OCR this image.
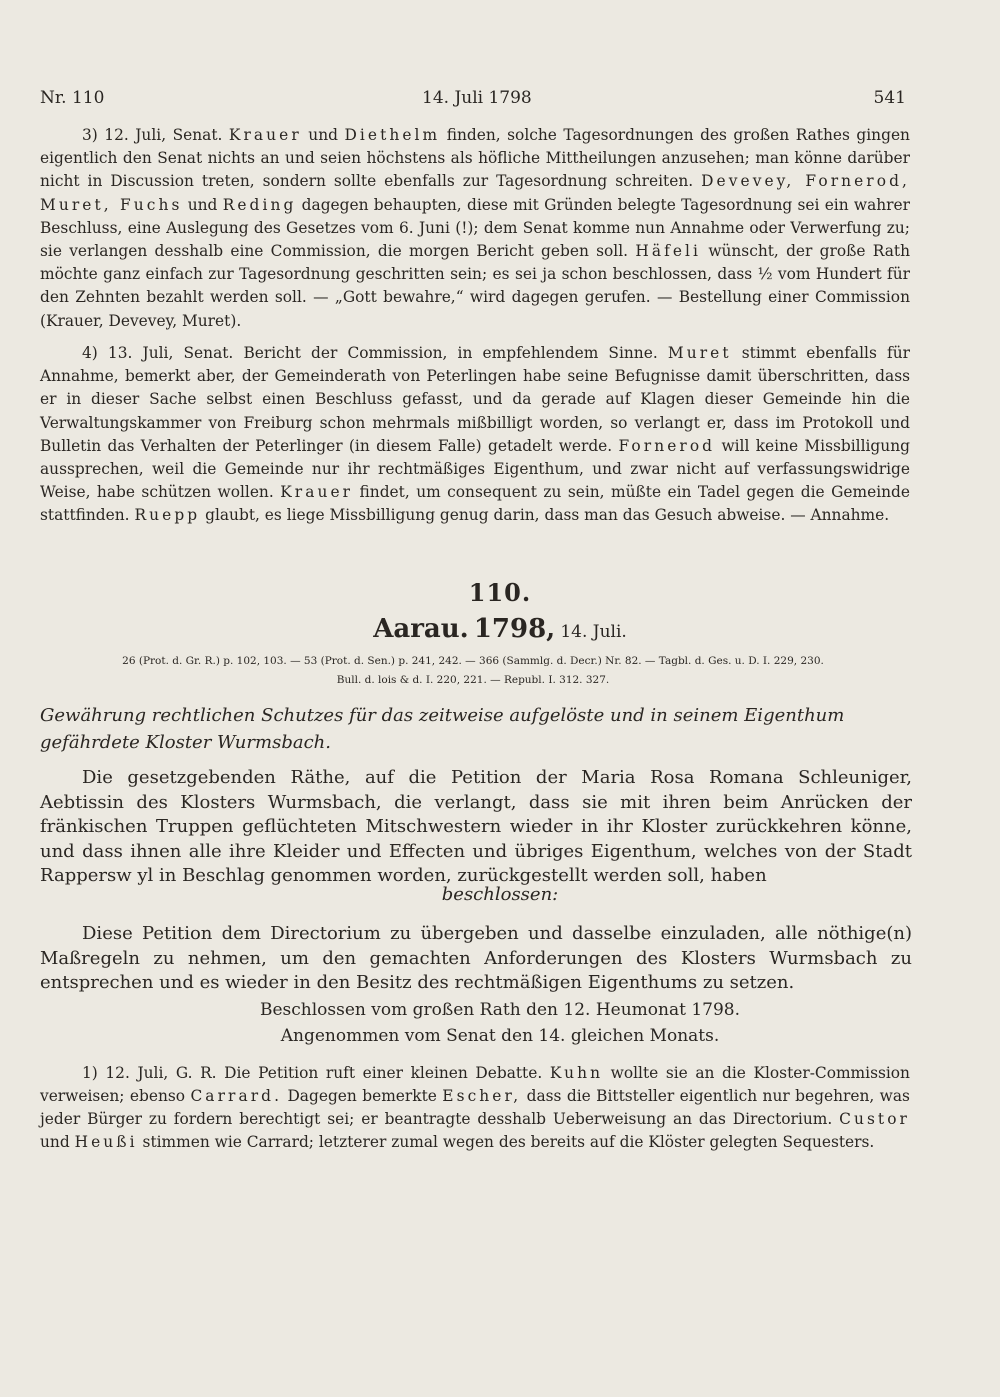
Nr. 110	14. Juli 1798	541
3) 12. Juli, Senat. Krauer und Diethelm finden, solche Tagesordnungen des großen Rathes gingen eigentlich den Senat nichts an und seien höchstens als höfliche Mittheilungen anzusehen; man könne darüber nicht in Discussion treten, sondern sollte ebenfalls zur Tagesordnung schreiten. Devevey, Fornerod, Muret, Fuchs und Reding dagegen behaupten, diese mit Gründen belegte Tagesordnung sei ein wahrer Beschluss, eine Auslegung des Gesetzes vom 6. Juni (!); dem Senat komme nun Annahme oder Verwerfung zu; sie verlangen desshalb eine Commission, die morgen Bericht geben soll. Häfeli wünscht, der große Rath möchte ganz einfach zur Tagesordnung geschritten sein; es sei ja schon beschlossen, dass ½ vom Hundert für den Zehnten bezahlt werden soll. — „Gott bewahre,“ wird dagegen gerufen. — Bestellung einer Commission (Krauer, Devevey, Muret).
4) 13. Juli, Senat. Bericht der Commission, in empfehlendem Sinne. Muret stimmt ebenfalls für Annahme, bemerkt aber, der Gemeinderath von Peterlingen habe seine Befugnisse damit überschritten, dass er in dieser Sache selbst einen Beschluss gefasst, und da gerade auf Klagen dieser Gemeinde hin die Verwaltungskammer von Freiburg schon mehrmals mißbilligt worden, so verlangt er, dass im Protokoll und Bulletin das Verhalten der Peterlinger (in diesem Falle) getadelt werde. Fornerod will keine Missbilligung aussprechen, weil die Gemeinde nur ihr rechtmäßiges Eigenthum, und zwar nicht auf verfassungswidrige Weise, habe schützen wollen. Krauer findet, um consequent zu sein, müßte ein Tadel gegen die Gemeinde stattfinden. Ruepp glaubt, es liege Missbilligung genug darin, dass man das Gesuch abweise. — Annahme.
110.
Aarau. 1798, 14. Juli.
26 (Prot. d. Gr. R.) p. 102, 103. — 53 (Prot. d. Sen.) p. 241, 242. — 366 (Sammlg. d. Decr.) Nr. 82. — Tagbl. d. Ges. u. D. I. 229, 230.
Bull. d. lois & d. I. 220, 221. — Republ. I. 312. 327.
Gewährung rechtlichen Schutzes für das zeitweise aufgelöste und in seinem Eigenthum gefährdete Kloster Wurmsbach.
Die gesetzgebenden Räthe, auf die Petition der Maria Rosa Romana Schleuniger, Aebtissin des Klosters Wurmsbach, die verlangt, dass sie mit ihren beim Anrücken der fränkischen Truppen geflüchteten Mitschwestern wieder in ihr Kloster zurückkehren könne, und dass ihnen alle ihre Kleider und Effecten und übriges Eigenthum, welches von der Stadt Rappersw yl in Beschlag genommen worden, zurückgestellt werden soll, haben
beschlossen:
Diese Petition dem Directorium zu übergeben und dasselbe einzuladen, alle nöthige(n) Maßregeln zu nehmen, um den gemachten Anforderungen des Klosters Wurmsbach zu entsprechen und es wieder in den Besitz des rechtmäßigen Eigenthums zu setzen.
Beschlossen vom großen Rath den 12. Heumonat 1798.
Angenommen vom Senat den 14. gleichen Monats.
1) 12. Juli, G. R. Die Petition ruft einer kleinen Debatte. Kuhn wollte sie an die Kloster-Commission verweisen; ebenso Carrard. Dagegen bemerkte Escher, dass die Bittsteller eigentlich nur begehren, was jeder Bürger zu fordern berechtigt sei; er beantragte desshalb Ueberweisung an das Directorium. Custor und Heußi stimmen wie Carrard; letzterer zumal wegen des bereits auf die Klöster gelegten Sequesters.
